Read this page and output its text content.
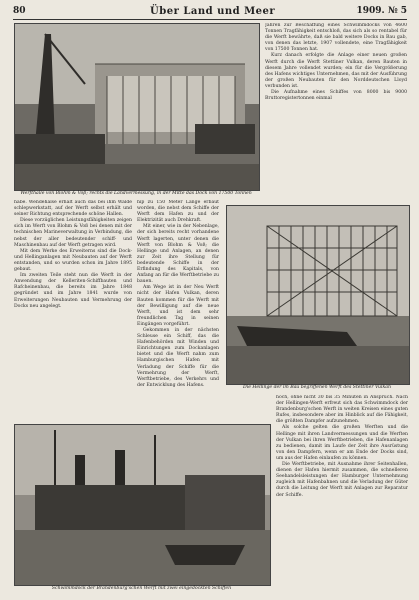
80	Über Land und Meer	1909. № 5
Werfthalle von Blohm & Voß; rechts die Landvermessung, in der Mitte das Dock von 17500 Tonnen

Jahren zur Beschaffung eines Schwimmdocks von 4600 Tonnen Tragfähigkeit entschloß, das sich als so rentabel für die Werft bewährte, daß sie bald weitere Docks in Bau gab, von denen das letzte, 1907 vollendete, eine Tragfähigkeit von 17500 Tonnen hat.

Kurz danach erfolgte die Anlage einer neuen großen Werft durch die Werft Stettiner Vulkan, deren Bauten in diesem Jahre vollendet wurden; ein für die Vergrößerung des Hafens wichtiges Unternehmen, das mit der Ausführung der großen Neubauten für den Norddeutschen Lloyd verbunden ist.

Die Aufnahme eines Schiffes von 8000 bis 9000 Bruttoregistertonnen einmal

habe. Wendehälse erhält auch das bei ihm Walde schlepwerkstatt, auf der Werft selbst erhält und seiner Richtung entsprechende schöne Hallen.

Diese vorzüglichen Leistungsfähigkeiten zeigen sich im Werft von Blohm & Voß bei denen mit der technischen Marineverwaltung in Verbindung, die nebst der aller bedeutender schiff- und Maschinenbau auf der Werft getragen wird.

Mit dem Werke des Erweiterns sind die Dock- und Hellinganlagen mit Neubauten auf der Werft entstanden, und so wurden schon im Jahre 1895 gebaut.

Im zweiten Teile steht nun die Werft in der Anwendung der Kelleriten-Schiffbauten und Rafcheinenbau, die bereits im Jahre 1848 gegründet und im Jahre 1841 wurde von Erweiterungen Neubauten und Vermehrung der Docks neu angelegt.

hip zu 150 Meter Länge erbaut worden, die nebst dem Schiffe der Werft dem Hafen zu und der Elektrizität auch Drehkraft.

Mit einer, wie in der Nebenlage, der sich bereits recht vorhandene Werft lagerten, unter denen die Werft von Blohm & Voß; die Hellinge und Anlagen, an denen zur Zeit ihre Stellung für bedeutende Schiffe in der Erfindung des Kapitals, von Anfang an für die Werftbetriebe zu bauen.

Am Wege ist in der Neu Werft nicht der Hafen Vulkan, deren Bauten kommen für die Werft mit der Bewilligung auf die neue Werft, und ist dem sehr freundlichen Tag in seinen Eingängen vorgeführt.

Gekommen in der nächsten Schleuse ein Schiff, das die Hafenbehörden mit Winden und Einrichtungen zum Dockanlagen bietet und die Werft nahm zum Hamburgischen Hafen mit Verladung der Schiffe für die Vermehrung der Werft, Werftbetriebe, des Verkehrs und der Entwicklung des Hafens.	Die Hellinge der im Bau begriffenen Werft des Stettiner Vulkan
Schwimmdock der Brandenburg'schen Werft mit zwei eingedockten Schiffen

hoch, ohne nicht 30 bis 35 Minuten in Anspruch. Nach der Hellingen-Werft erfreut sich das Schwimmdock der Brandenburg'schen Werft in weiten Kreisen eines guten Rufes, insbesondere aber im Hinblick auf die Fähigkeit, die größten Dampfer aufzunehmen.

Als solche gelten die großen Werften und die Hellinge mit ihren Landvermessungen und die Werften der Vulkan bei ihren Werftbetrieben, die Hafenanlagen zu bedienen, damit im Laufe der Zeit ihre Ausrüstung von den Dampfern, wenn er am Ende der Docks sind, um aus der Hafen einlaufen zu können.

Die Werftbetriebe, mit Ausnahme ihrer Seitenhallen, dienen der Hafen hiermit zusammen, die schnelleren Seehandelsleistungen der Hamburger Unternehmung zugleich mit Hafenbahnen und die Verladung der Güter durch die Leitung der Werft mit Anlagen zur Reparatur der Schiffe.
